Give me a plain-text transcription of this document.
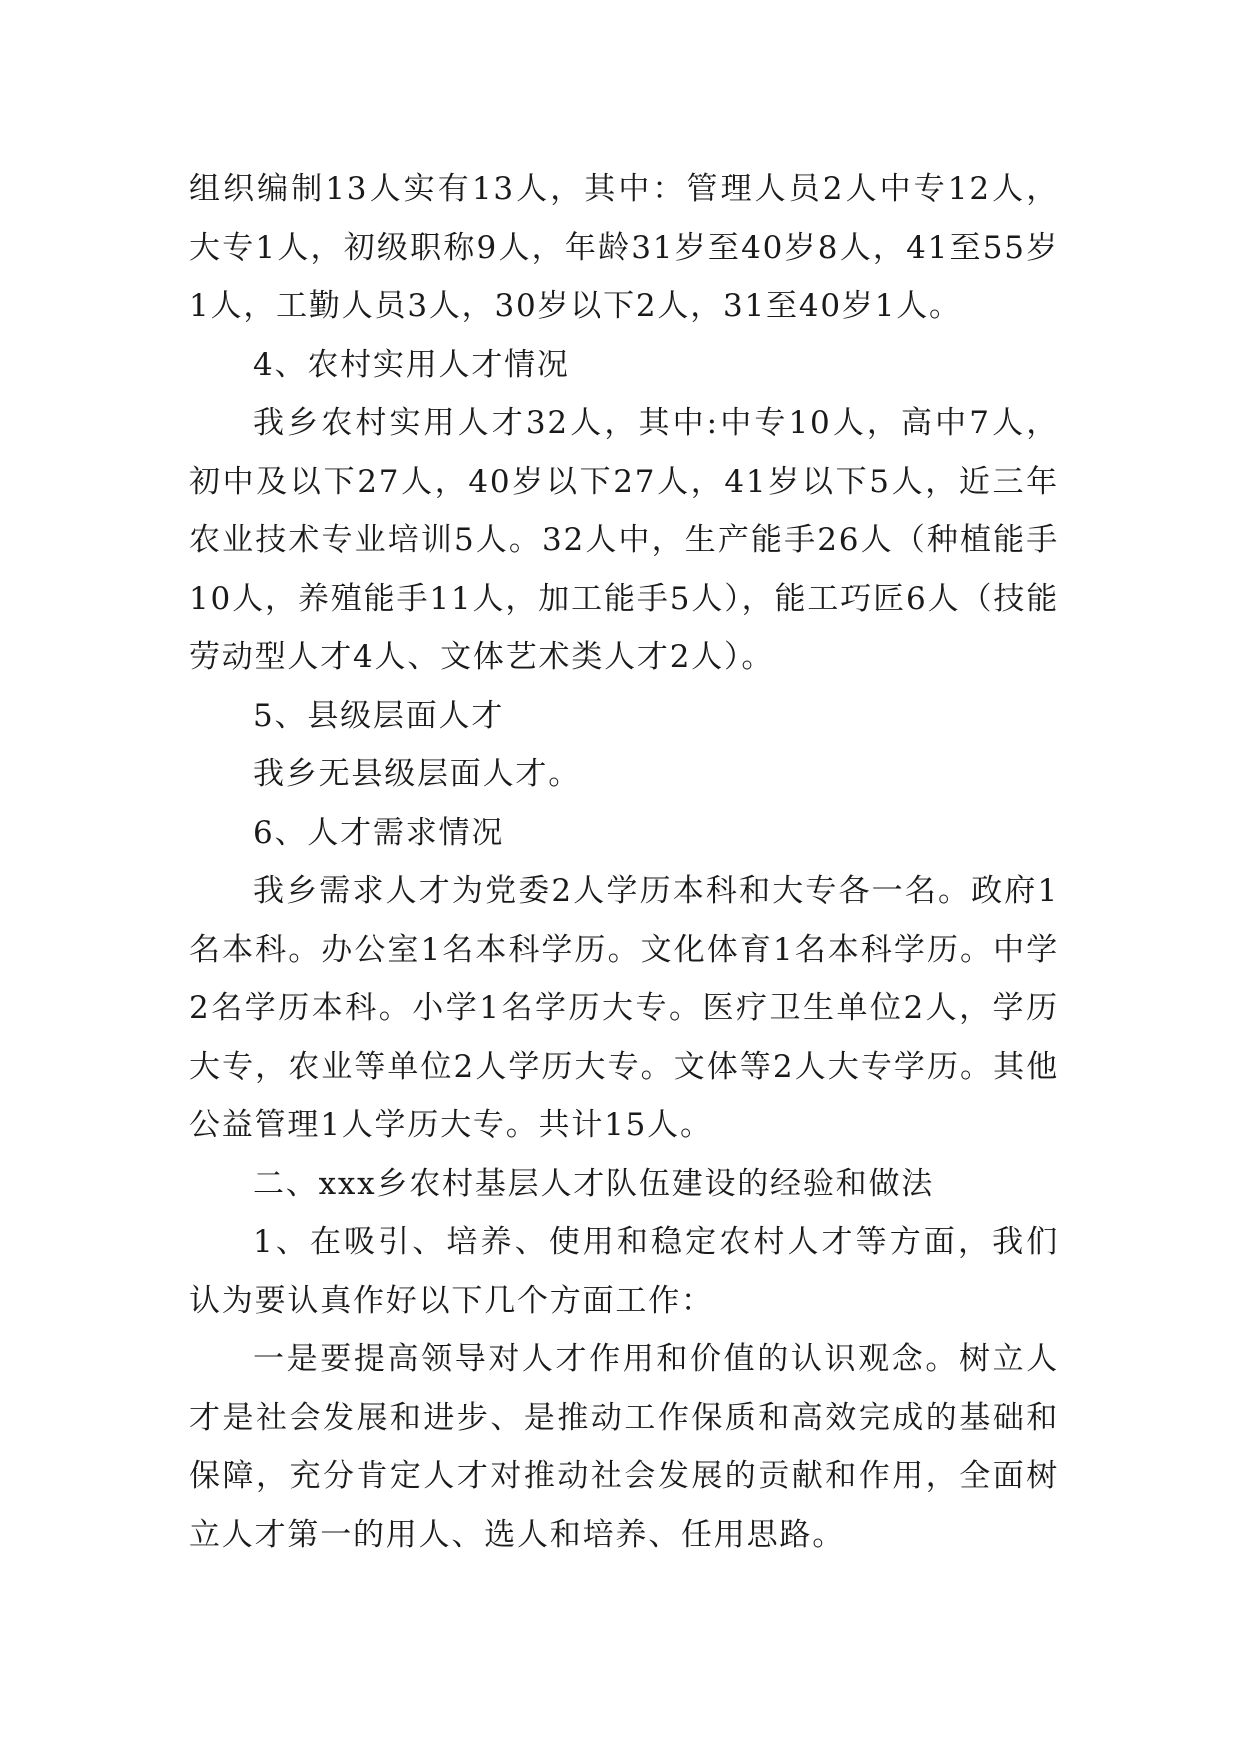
组织编制13人实有13人，其中：管理人员2人中专12人，大专1人，初级职称9人，年龄31岁至40岁8人，41至55岁1人，工勤人员3人，30岁以下2人，31至40岁1人。

4、农村实用人才情况

我乡农村实用人才32人，其中:中专10人，高中7人，初中及以下27人，40岁以下27人，41岁以下5人，近三年农业技术专业培训5人。32人中，生产能手26人（种植能手10人，养殖能手11人，加工能手5人），能工巧匠6人（技能劳动型人才4人、文体艺术类人才2人）。

5、县级层面人才

我乡无县级层面人才。

6、人才需求情况

我乡需求人才为党委2人学历本科和大专各一名。政府1名本科。办公室1名本科学历。文化体育1名本科学历。中学2名学历本科。小学1名学历大专。医疗卫生单位2人，学历大专，农业等单位2人学历大专。文体等2人大专学历。其他公益管理1人学历大专。共计15人。

二、xxx乡农村基层人才队伍建设的经验和做法

1、在吸引、培养、使用和稳定农村人才等方面，我们认为要认真作好以下几个方面工作：

一是要提高领导对人才作用和价值的认识观念。树立人才是社会发展和进步、是推动工作保质和高效完成的基础和保障，充分肯定人才对推动社会发展的贡献和作用，全面树立人才第一的用人、选人和培养、任用思路。
